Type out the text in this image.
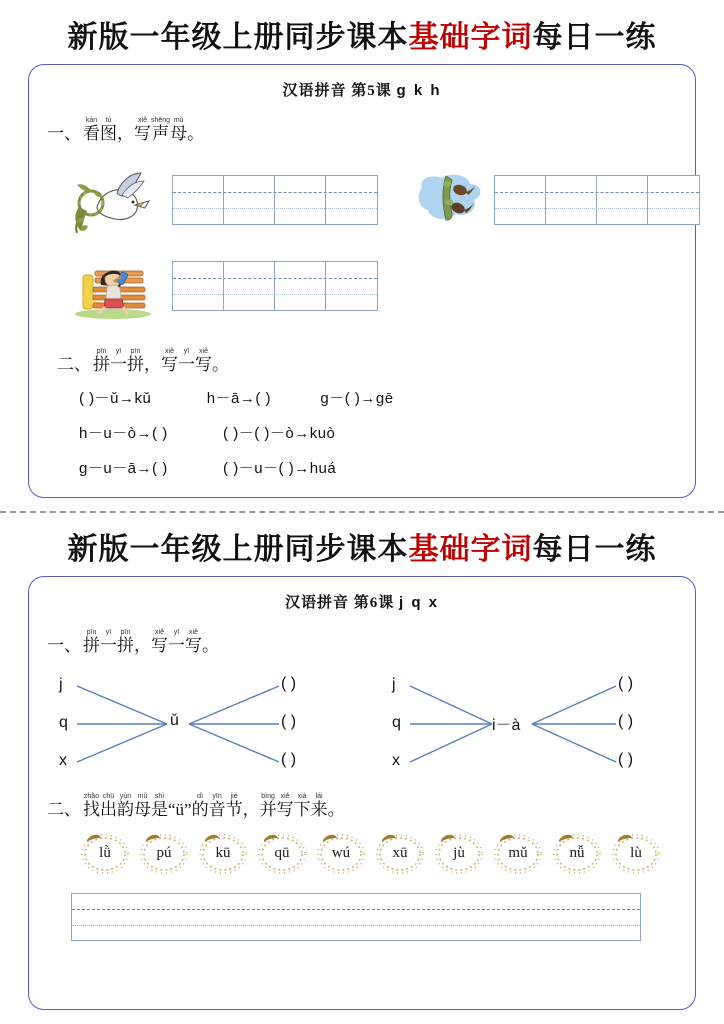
新版一年级上册同步课本基础字词每日一练
汉语拼音 第5课 g k h
一、 看kàn图tú，写xiě声shēng母mǔ。
二、 拼pīn一yī拼pīn，写xiě一yī写xiě。
( )－ǔ→kǔ	h－ā→( )	g－( )→gē
h－u－ò→( )	( )－( )－ò→kuò
g－u－ā→( )	( )－u－( )→huá
新版一年级上册同步课本基础字词每日一练
汉语拼音 第6课 j q x
一、 拼pīn一yī拼pīn，写xiě一yī写xiě。
j
q
x
ǔ
( )
( )
( )
j
q
x
i－à
( )
( )
( )
二、 找zhǎo出chū韵yùn母mǔ是shì“ü”的dì音yīn节jié，并bìng写xiě下xià来lái。
lǜ	pú	kū	qū	wú	xū	jù	mǔ	nǚ	lù
